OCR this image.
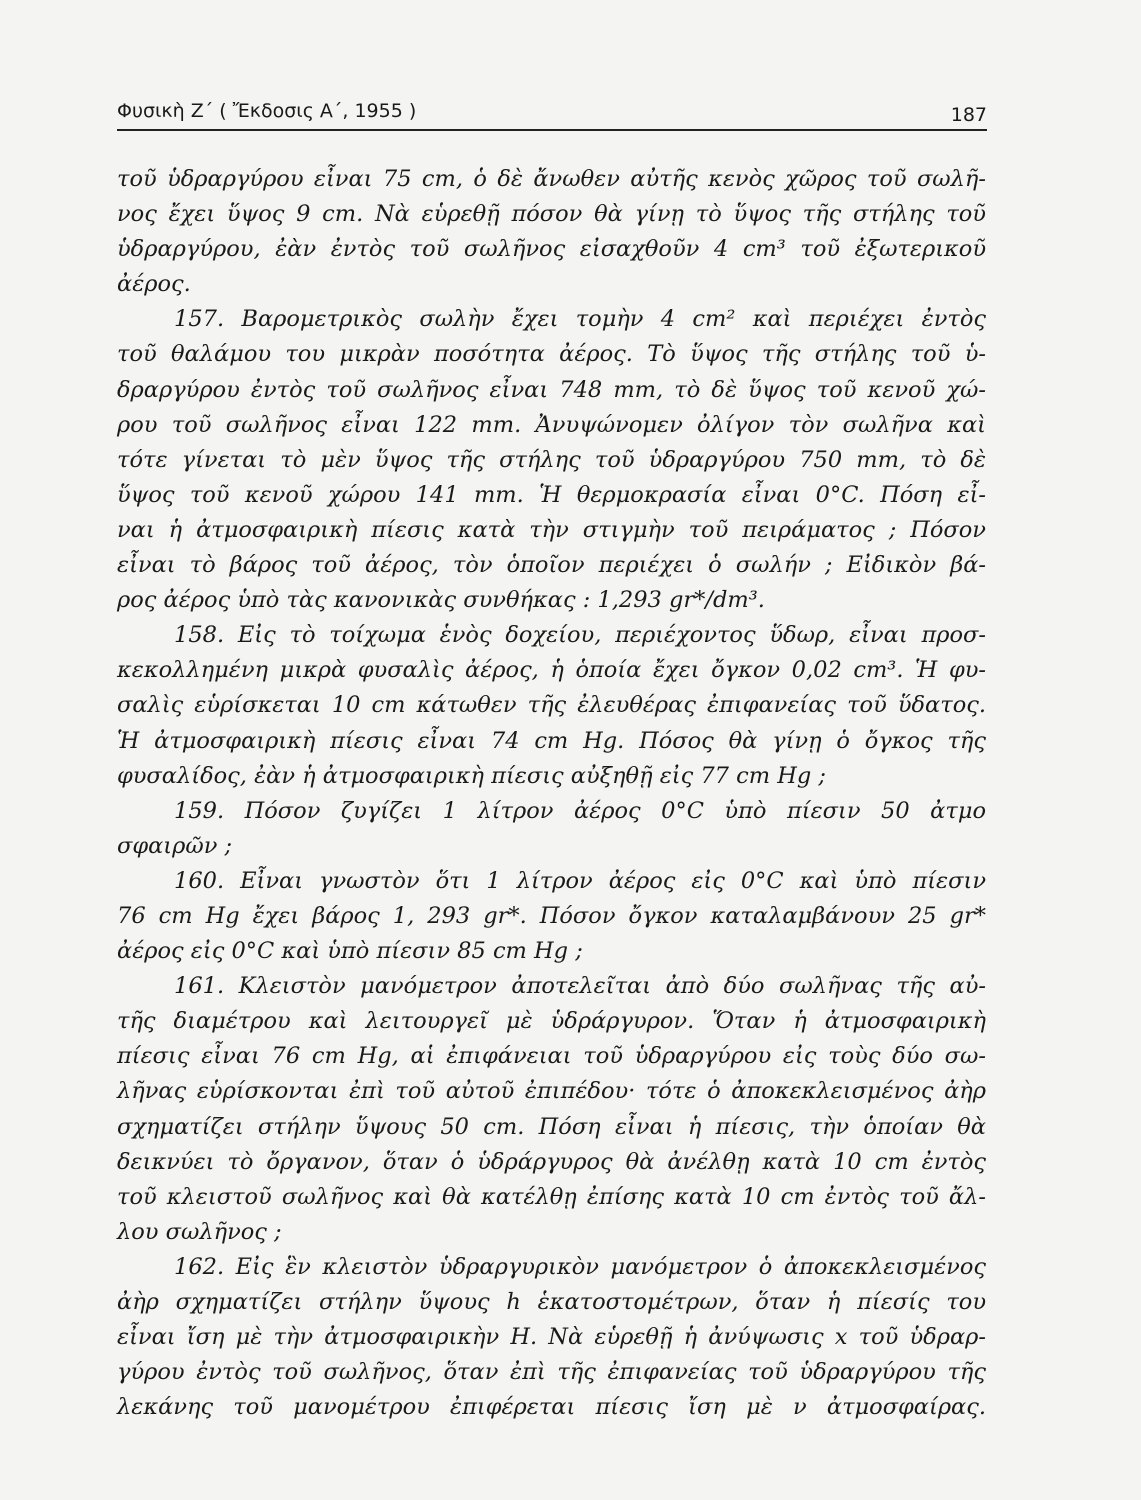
Φυσικὴ Ζ΄ ( Ἔκδοσις Α΄, 1955 )	187
τοῦ ὑδραργύρου εἶναι 75 cm, ὁ δὲ ἄνωθεν αὐτῆς κενὸς χῶρος τοῦ σωλῆ-
νος ἔχει ὕψος 9 cm. Νὰ εὑρεθῇ πόσον θὰ γίνῃ τὸ ὕψος τῆς στήλης τοῦ
ὑδραργύρου, ἐὰν ἐντὸς τοῦ σωλῆνος εἰσαχθοῦν 4 cm³ τοῦ ἐξωτερικοῦ
ἀέρος.
157. Βαρομετρικὸς σωλὴν ἔχει τομὴν 4 cm² καὶ περιέχει ἐντὸς
τοῦ θαλάμου του μικρὰν ποσότητα ἀέρος. Τὸ ὕψος τῆς στήλης τοῦ ὑ-
δραργύρου ἐντὸς τοῦ σωλῆνος εἶναι 748 mm, τὸ δὲ ὕψος τοῦ κενοῦ χώ-
ρου τοῦ σωλῆνος εἶναι 122 mm. Ἀνυψώνομεν ὀλίγον τὸν σωλῆνα καὶ
τότε γίνεται τὸ μὲν ὕψος τῆς στήλης τοῦ ὑδραργύρου 750 mm, τὸ δὲ
ὕψος τοῦ κενοῦ χώρου 141 mm. Ἡ θερμοκρασία εἶναι 0°C. Πόση εἶ-
ναι ἡ ἀτμοσφαιρικὴ πίεσις κατὰ τὴν στιγμὴν τοῦ πειράματος ; Πόσον
εἶναι τὸ βάρος τοῦ ἀέρος, τὸν ὁποῖον περιέχει ὁ σωλήν ; Εἰδικὸν βά-
ρος ἀέρος ὑπὸ τὰς κανονικὰς συνθήκας : 1,293 gr*/dm³.
158. Εἰς τὸ τοίχωμα ἑνὸς δοχείου, περιέχοντος ὕδωρ, εἶναι προσ-
κεκολλημένη μικρὰ φυσαλὶς ἀέρος, ἡ ὁποία ἔχει ὄγκον 0,02 cm³. Ἡ φυ-
σαλὶς εὑρίσκεται 10 cm κάτωθεν τῆς ἐλευθέρας ἐπιφανείας τοῦ ὕδατος.
Ἡ ἀτμοσφαιρικὴ πίεσις εἶναι 74 cm Hg. Πόσος θὰ γίνῃ ὁ ὄγκος τῆς
φυσαλίδος, ἐὰν ἡ ἀτμοσφαιρικὴ πίεσις αὐξηθῇ εἰς 77 cm Hg ;
159. Πόσον ζυγίζει 1 λίτρον ἀέρος 0°C ὑπὸ πίεσιν 50 ἀτμο
σφαιρῶν ;
160. Εἶναι γνωστὸν ὅτι 1 λίτρον ἀέρος εἰς 0°C καὶ ὑπὸ πίεσιν
76 cm Hg ἔχει βάρος 1, 293 gr*. Πόσον ὄγκον καταλαμβάνουν 25 gr*
ἀέρος εἰς 0°C καὶ ὑπὸ πίεσιν 85 cm Hg ;
161. Κλειστὸν μανόμετρον ἀποτελεῖται ἀπὸ δύο σωλῆνας τῆς αὐ-
τῆς διαμέτρου καὶ λειτουργεῖ μὲ ὑδράργυρον. Ὅταν ἡ ἀτμοσφαιρικὴ
πίεσις εἶναι 76 cm Hg, αἱ ἐπιφάνειαι τοῦ ὑδραργύρου εἰς τοὺς δύο σω-
λῆνας εὑρίσκονται ἐπὶ τοῦ αὐτοῦ ἐπιπέδου· τότε ὁ ἀποκεκλεισμένος ἀὴρ
σχηματίζει στήλην ὕψους 50 cm. Πόση εἶναι ἡ πίεσις, τὴν ὁποίαν θὰ
δεικνύει τὸ ὄργανον, ὅταν ὁ ὑδράργυρος θὰ ἀνέλθῃ κατὰ 10 cm ἐντὸς
τοῦ κλειστοῦ σωλῆνος καὶ θὰ κατέλθῃ ἐπίσης κατὰ 10 cm ἐντὸς τοῦ ἄλ-
λου σωλῆνος ;
162. Εἰς ἓν κλειστὸν ὑδραργυρικὸν μανόμετρον ὁ ἀποκεκλεισμένος
ἀὴρ σχηματίζει στήλην ὕψους h ἑκατοστομέτρων, ὅταν ἡ πίεσίς του
εἶναι ἴση μὲ τὴν ἀτμοσφαιρικὴν Η. Νὰ εὑρεθῇ ἡ ἀνύψωσις x τοῦ ὑδραρ-
γύρου ἐντὸς τοῦ σωλῆνος, ὅταν ἐπὶ τῆς ἐπιφανείας τοῦ ὑδραργύρου τῆς
λεκάνης τοῦ μανομέτρου ἐπιφέρεται πίεσις ἴση μὲ ν ἀτμοσφαίρας.
